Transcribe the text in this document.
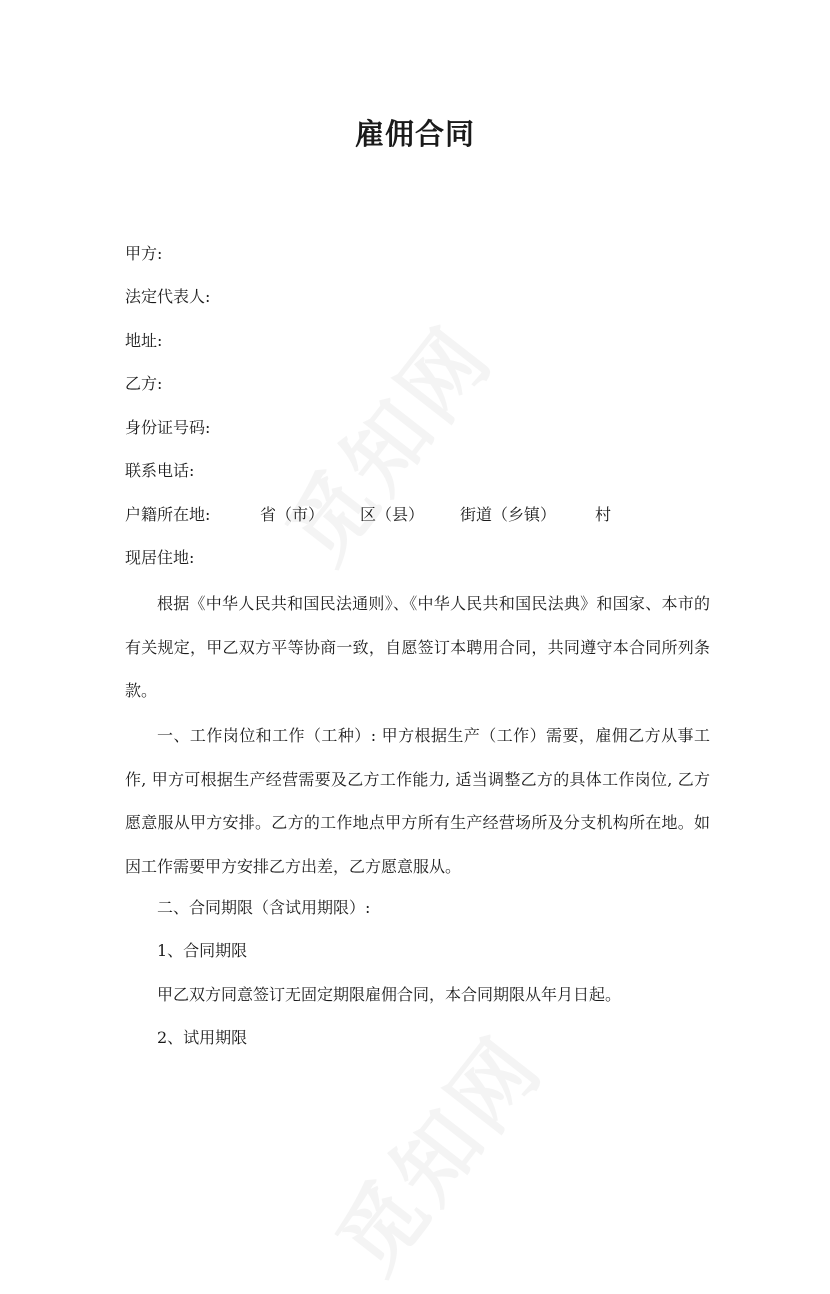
雇佣合同
甲方:
法定代表人:
地址:
乙方:
身份证号码:
联系电话:
户籍所在地:	省（市） 区（县） 街道（乡镇） 村
现居住地:

根据《中华人民共和国民法通则》、《中华人民共和国民法典》和国家、本市的有关规定，甲乙双方平等协商一致，自愿签订本聘用合同，共同遵守本合同所列条款。

一、工作岗位和工作（工种）: 甲方根据生产（工作）需要，雇佣乙方从事工作, 甲方可根据生产经营需要及乙方工作能力, 适当调整乙方的具体工作岗位, 乙方愿意服从甲方安排。乙方的工作地点甲方所有生产经营场所及分支机构所在地。如因工作需要甲方安排乙方出差，乙方愿意服从。

二、合同期限（含试用期限）:
1、合同期限
甲乙双方同意签订无固定期限雇佣合同，本合同期限从年月日起。
2、试用期限
